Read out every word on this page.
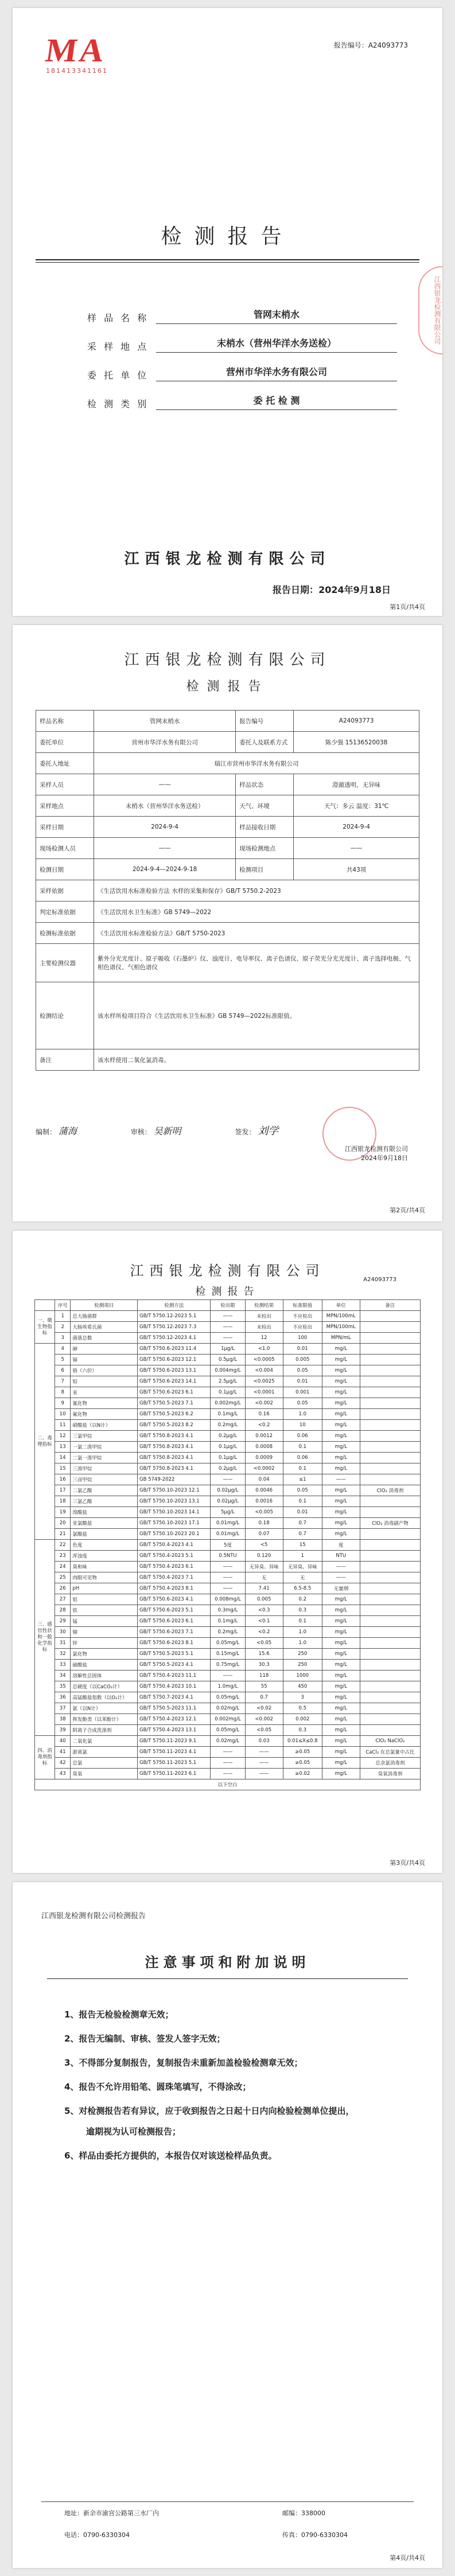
MA
181413341161
报告编号：A24093773
检测报告
样 品 名 称	管网末梢水
采 样 地 点	末梢水（营州华洋水务送检）
委 托 单 位	营州市华洋水务有限公司
检 测 类 别	委 托 检 测
江西银龙检测有限公司
江西银龙检测有限公司
报告日期：2024年9月18日
第1页/共4页
江西银龙检测有限公司
检测报告
样品名称	管网末梢水	报告编号	A24093773
委托单位	营州市华洋水务有限公司	委托人及联系方式	陈少强 15136520038
委托人地址	瑞江市营州市华洋水务有限公司		
采样人员	——	样品状态	澄澈透明，无异味
采样地点	末梢水（营州华洋水务送检）	天气、环境	天气：多云 温度：31℃
采样日期	2024-9-4	样品接收日期	2024-9-4
现场检测人员	——	现场检测地点	——
检测日期	2024-9-4—2024-9-18	检测项目	共43项
采样依据	《生活饮用水标准检验方法 水样的采集和保存》GB/T 5750.2-2023		
判定标准依据	《生活饮用水卫生标准》GB 5749—2022		
检测标准依据	《生活饮用水标准检验方法》GB/T 5750-2023		
主要检测仪器	紫外分光光度计、原子吸收（石墨炉）仪、浊度计、电导率仪、离子色谱仪、原子荧光分光光度计、离子选择电极、气相色谱仪、气相色谱仪		
检测结论	该水样所检项目符合《生活饮用水卫生标准》GB 5749—2022标准限值。		
备注	该水样使用二氧化氯消毒。		
编制： 蒲海	审核： 吴新明	签发： 刘学
江西银龙检测有限公司
2024年9月18日
第2页/共4页
江西银龙检测有限公司
检测报告
A24093773
	序号	检测项目	检测方法	检出限	检测结果	标准限值	单位	备注
一、微生物指标	1	总大肠菌群	GB/T 5750.12-2023 5.1	——	未检出	不应检出	MPN/100mL	
	2	大肠埃希氏菌	GB/T 5750.12-2023 7.3	——	未检出	不应检出	MPN/100mL	
	3	菌落总数	GB/T 5750.12-2023 4.1	——	12	100	MPN/mL	
二、毒理指标	4	砷	GB/T 5750.6-2023 11.4	1μg/L	<1.0	0.01	mg/L	
	5	镉	GB/T 5750.6-2023 12.1	0.5μg/L	<0.0005	0.005	mg/L	
	6	铬（六价）	GB/T 5750.6-2023 13.1	0.004mg/L	<0.004	0.05	mg/L	
	7	铅	GB/T 5750.6-2023 14.1	2.5μg/L	<0.0025	0.01	mg/L	
	8	汞	GB/T 5750.6-2023 6.1	0.1μg/L	<0.0001	0.001	mg/L	
	9	氰化物	GB/T 5750.5-2023 7.1	0.002mg/L	<0.002	0.05	mg/L	
	10	氟化物	GB/T 5750.5-2023 6.2	0.1mg/L	0.16	1.0	mg/L	
	11	硝酸盐（以N计）	GB/T 5750.5-2023 8.2	0.2mg/L	<0.2	10	mg/L	
	12	三氯甲烷	GB/T 5750.8-2023 4.1	0.2μg/L	0.0012	0.06	mg/L	
	13	一氯二溴甲烷	GB/T 5750.8-2023 4.1	0.1μg/L	0.0008	0.1	mg/L	
	14	二氯一溴甲烷	GB/T 5750.8-2023 4.1	0.1μg/L	0.0009	0.06	mg/L	
	15	三溴甲烷	GB/T 5750.8-2023 4.1	0.2μg/L	<0.0002	0.1	mg/L	
	16	三卤甲烷	GB 5749-2022	——	0.04	≤1	——	
	17	二氯乙酸	GB/T 5750.10-2023 12.1	0.02μg/L	0.0046	0.05	mg/L	ClO₂ 消毒剂
	18	三氯乙酸	GB/T 5750.10-2023 13.1	0.02μg/L	0.0016	0.1	mg/L	
	19	溴酸盐	GB/T 5750.10-2023 14.1	5μg/L	<0.005	0.01	mg/L	
	20	亚氯酸盐	GB/T 5750.10-2023 17.1	0.01mg/L	0.18	0.7	mg/L	ClO₂ 消毒副产物
	21	氯酸盐	GB/T 5750.10-2023 20.1	0.01mg/L	0.07	0.7	mg/L	
三、感官性状和一般化学指标	22	色度	GB/T 5750.4-2023 4.1	5度	<5	15	度	
	23	浑浊度	GB/T 5750.4-2023 5.1	0.5NTU	0.120	1	NTU	
	24	臭和味	GB/T 5750.4-2023 6.1	——	无异臭、异味	无异臭、异味	——	
	25	肉眼可见物	GB/T 5750.4-2023 7.1	——	无	无	——	
	26	pH	GB/T 5750.4-2023 8.1	——	7.41	6.5-8.5	无量纲	
	27	铝	GB/T 5750.6-2023 4.1	0.008mg/L	0.005	0.2	mg/L	
	28	铁	GB/T 5750.6-2023 5.1	0.3mg/L	<0.3	0.3	mg/L	
	29	锰	GB/T 5750.6-2023 6.1	0.1mg/L	<0.1	0.1	mg/L	
	30	铜	GB/T 5750.6-2023 7.1	0.2mg/L	<0.2	1.0	mg/L	
	31	锌	GB/T 5750.6-2023 8.1	0.05mg/L	<0.05	1.0	mg/L	
	32	氯化物	GB/T 5750.5-2023 5.1	0.15mg/L	15.6	250	mg/L	
	33	硫酸盐	GB/T 5750.5-2023 4.1	0.75mg/L	30.3	250	mg/L	
	34	溶解性总固体	GB/T 5750.4-2023 11.1	——	118	1000	mg/L	
	35	总硬度（以CaCO₃计）	GB/T 5750.4-2023 10.1	1.0mg/L	55	450	mg/L	
	36	高锰酸盐指数（以O₂计）	GB/T 5750.7-2023 4.1	0.05mg/L	0.7	3	mg/L	
	37	氨（以N计）	GB/T 5750.5-2023 11.1	0.02mg/L	<0.02	0.5	mg/L	
	38	挥发酚类（以苯酚计）	GB/T 5750.4-2023 12.1	0.002mg/L	<0.002	0.002	mg/L	
	39	阴离子合成洗涤剂	GB/T 5750.4-2023 13.1	0.05mg/L	<0.05	0.3	mg/L	
四、消毒剂指标	40	二氧化氯	GB/T 5750.11-2023 9.1	0.02mg/L	0.03	0.01≤X≤0.8	mg/L	ClO₂ NaClO₂
	41	游离氯	GB/T 5750.11-2023 4.1	——	——	≥0.05	mg/L	CaCl₂ 在总氯量中占比
	42	总氯	GB/T 5750.11-2023 5.1	——	——	≥0.05	mg/L	总余氯消毒剂
	43	臭氧	GB/T 5750.11-2023 6.1	——	——	≥0.02	mg/L	臭氧消毒剂
以下空白								
第3页/共4页
江西银龙检测有限公司检测报告
注意事项和附加说明
1、报告无检验检测章无效；
2、报告无编制、审核、签发人签字无效；
3、不得部分复制报告，复制报告未重新加盖检验检测章无效；
4、报告不允许用铅笔、圆珠笔填写，不得涂改；
5、对检测报告若有异议，应于收到报告之日起十日内向检验检测单位提出，
逾期视为认可检测报告；
6、样品由委托方提供的，本报告仅对该送检样品负责。
地址：新余市渝宫公路第三水厂内	邮编：338000
电话：0790-6330304	传真：0790-6330304
第4页/共4页
